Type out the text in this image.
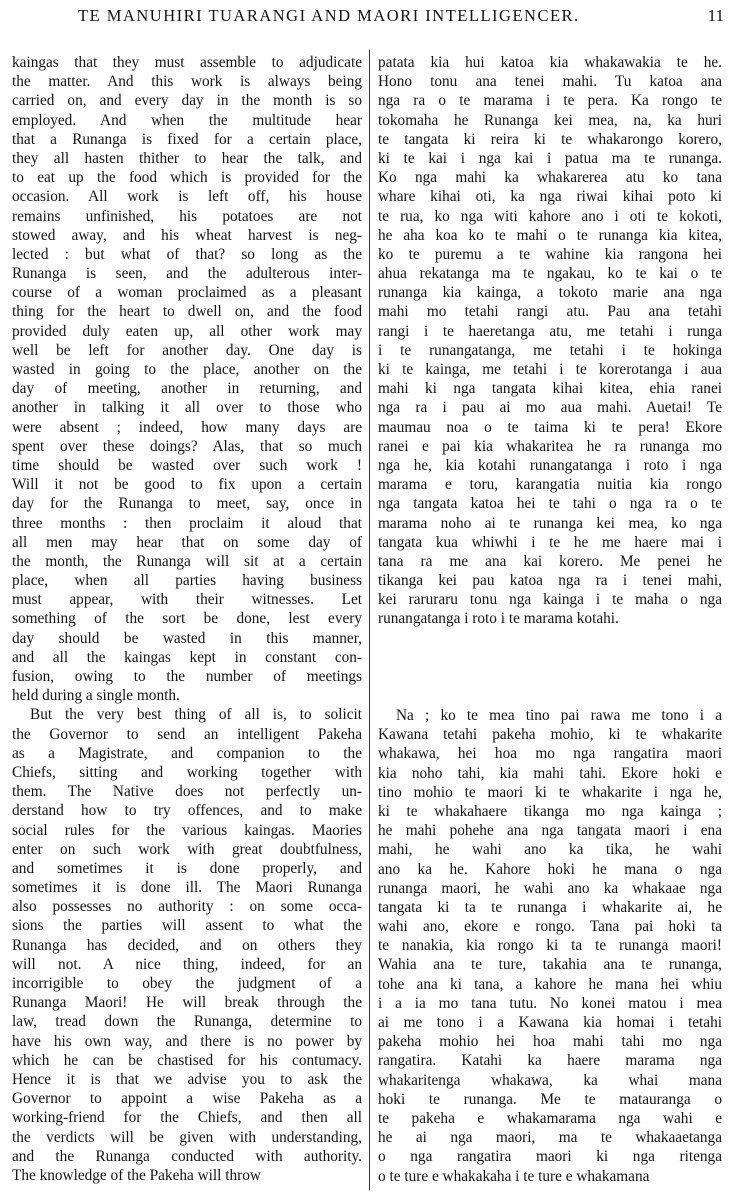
TE MANUHIRI TUARANGI AND MAORI INTELLIGENCER.	11
kaingas that they must assemble to adjudicate
the matter. And this work is always being
carried on, and every day in the month is so
employed. And when the multitude hear
that a Runanga is fixed for a certain place,
they all hasten thither to hear the talk, and
to eat up the food which is provided for the
occasion. All work is left off, his house
remains unfinished, his potatoes are not
stowed away, and his wheat harvest is neg-
lected : but what of that? so long as the
Runanga is seen, and the adulterous inter-
course of a woman proclaimed as a pleasant
thing for the heart to dwell on, and the food
provided duly eaten up, all other work may
well be left for another day. One day is
wasted in going to the place, another on the
day of meeting, another in returning, and
another in talking it all over to those who
were absent ; indeed, how many days are
spent over these doings? Alas, that so much
time should be wasted over such work !
Will it not be good to fix upon a certain
day for the Runanga to meet, say, once in
three months : then proclaim it aloud that
all men may hear that on some day of
the month, the Runanga will sit at a certain
place, when all parties having business
must appear, with their witnesses. Let
something of the sort be done, lest every
day should be wasted in this manner,
and all the kaingas kept in constant con-
fusion, owing to the number of meetings
held during a single month.
But the very best thing of all is, to solicit
the Governor to send an intelligent Pakeha
as a Magistrate, and companion to the
Chiefs, sitting and working together with
them. The Native does not perfectly un-
derstand how to try offences, and to make
social rules for the various kaingas. Maories
enter on such work with great doubtfulness,
and sometimes it is done properly, and
sometimes it is done ill. The Maori Runanga
also possesses no authority : on some occa-
sions the parties will assent to what the
Runanga has decided, and on others they
will not. A nice thing, indeed, for an
incorrigible to obey the judgment of a
Runanga Maori! He will break through the
law, tread down the Runanga, determine to
have his own way, and there is no power by
which he can be chastised for his contumacy.
Hence it is that we advise you to ask the
Governor to appoint a wise Pakeha as a
working-friend for the Chiefs, and then all
the verdicts will be given with understanding,
and the Runanga conducted with authority.
The knowledge of the Pakeha will throw
patata kia hui katoa kia whakawakia te he.
Hono tonu ana tenei mahi. Tu katoa ana
nga ra o te marama i te pera. Ka rongo te
tokomaha he Runanga kei mea, na, ka huri
te tangata ki reira ki te whakarongo korero,
ki te kai i nga kai i patua ma te runanga.
Ko nga mahi ka whakarerea atu ko tana
whare kihai oti, ka nga riwai kihai poto ki
te rua, ko nga witi kahore ano i oti te kokoti,
he aha koa ko te mahi o te runanga kia kitea,
ko te puremu a te wahine kia rangona hei
ahua rekatanga ma te ngakau, ko te kai o te
runanga kia kainga, a tokoto marie ana nga
mahi mo tetahi rangi atu. Pau ana tetahi
rangi i te haeretanga atu, me tetahi i runga
i te runangatanga, me tetahi i te hokinga
ki te kainga, me tetahi i te korerotanga i aua
mahi ki nga tangata kihai kitea, ehia ranei
nga ra i pau ai mo aua mahi. Auetai! Te
maumau noa o te taima ki te pera! Ekore
ranei e pai kia whakaritea he ra runanga mo
nga he, kia kotahi runangatanga i roto i nga
marama e toru, karangatia nuitia kia rongo
nga tangata katoa hei te tahi o nga ra o te
marama noho ai te runanga kei mea, ko nga
tangata kua whiwhi i te he me haere mai i
tana ra me ana kai korero. Me penei he
tikanga kei pau katoa nga ra i tenei mahi,
kei raruraru tonu nga kainga i te maha o nga
runangatanga i roto i te marama kotahi.
Na ; ko te mea tino pai rawa me tono i a
Kawana tetahi pakeha mohio, ki te whakarite
whakawa, hei hoa mo nga rangatira maori
kia noho tahi, kia mahi tahi. Ekore hoki e
tino mohio te maori ki te whakarite i nga he,
ki te whakahaere tikanga mo nga kainga ;
he mahi pohehe ana nga tangata maori i ena
mahi, he wahi ano ka tika, he wahi
ano ka he. Kahore hoki he mana o nga
runanga maori, he wahi ano ka whakaae nga
tangata ki ta te runanga i whakarite ai, he
wahi ano, ekore e rongo. Tana pai hoki ta
te nanakia, kia rongo ki ta te runanga maori!
Wahia ana te ture, takahia ana te runanga,
tohe ana ki tana, a kahore he mana hei whiu
i a ia mo tana tutu. No konei matou i mea
ai me tono i a Kawana kia homai i tetahi
pakeha mohio hei hoa mahi tahi mo nga
rangatira. Katahi ka haere marama nga
whakaritenga whakawa, ka whai mana
hoki te runanga. Me te matauranga o
te pakeha e whakamarama nga wahi e
he ai nga maori, ma te whakaaetanga
o nga rangatira maori ki nga ritenga
o te ture e whakakaha i te ture e whakamana
